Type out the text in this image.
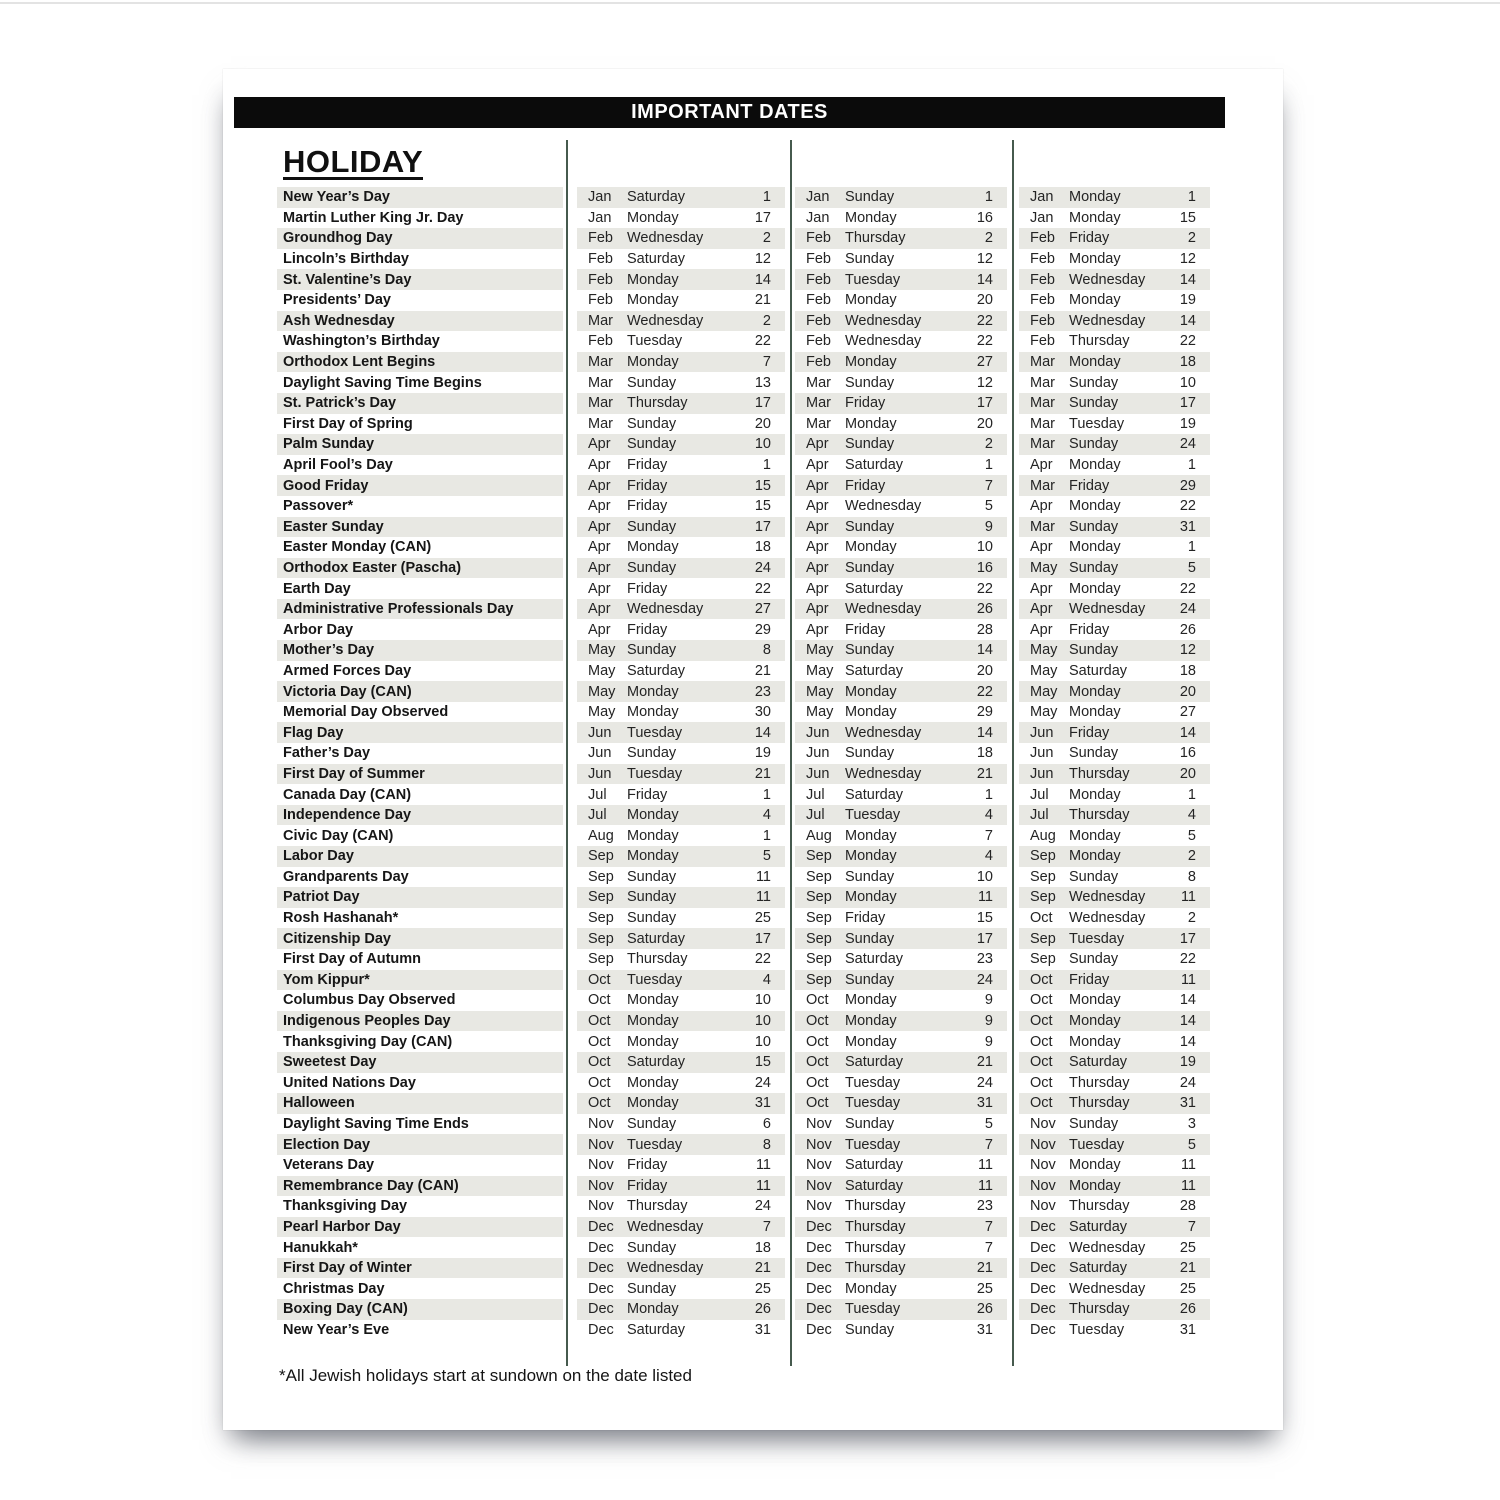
IMPORTANT DATES
HOLIDAY
New Year’s Day	Jan	Saturday	1 Jan	Sunday	1	Jan	Monday	1
Martin Luther King Jr. Day	Jan	Monday	17 Jan	Monday	16	Jan	Monday	15
Groundhog Day	Feb Wednesday	2 Feb Thursday	2	Feb Friday	2
Lincoln’s Birthday	Feb Saturday	12 Feb Sunday	12	Feb Monday	12
St. Valentine’s Day	Feb Monday	14 Feb Tuesday	14	Feb Wednesday	14
Presidents’ Day	Feb Monday	21 Feb Monday	20	Feb Monday	19
Ash Wednesday	Mar Wednesday	2 Feb Wednesday	22	Feb Wednesday	14
Washington’s Birthday	Feb Tuesday	22 Feb Wednesday	22	Feb Thursday	22
Orthodox Lent Begins	Mar Monday	7 Feb Monday	27	Mar Monday	18
Daylight Saving Time Begins	Mar Sunday	13 Mar Sunday	12	Mar Sunday	10
St. Patrick’s Day	Mar Thursday	17 Mar Friday	17	Mar Sunday	17
First Day of Spring	Mar Sunday	20 Mar Monday	20	Mar Tuesday	19
Palm Sunday	Apr	Sunday	10 Apr	Sunday	2	Mar Sunday	24
April Fool’s Day	Apr	Friday	1 Apr	Saturday	1	Apr	Monday	1
Good Friday	Apr	Friday	15 Apr	Friday	7	Mar Friday	29
Passover*	Apr	Friday	15 Apr	Wednesday	5	Apr	Monday	22
Easter Sunday	Apr	Sunday	17 Apr	Sunday	9	Mar Sunday	31
Easter Monday (CAN)	Apr	Monday	18 Apr	Monday	10	Apr	Monday	1
Orthodox Easter (Pascha)	Apr	Sunday	24 Apr	Sunday	16	May Sunday	5
Earth Day	Apr	Friday	22 Apr	Saturday	22	Apr	Monday	22
Administrative Professionals Day	Apr	Wednesday	27 Apr	Wednesday	26	Apr	Wednesday	24
Arbor Day	Apr	Friday	29 Apr	Friday	28	Apr	Friday	26
Mother’s Day	May Sunday	8 May Sunday	14	May Sunday	12
Armed Forces Day	May Saturday	21 May Saturday	20	May Saturday	18
Victoria Day (CAN)	May Monday	23 May Monday	22	May Monday	20
Memorial Day Observed	May Monday	30 May Monday	29	May Monday	27
Flag Day	Jun	Tuesday	14 Jun	Wednesday	14	Jun	Friday	14
Father’s Day	Jun	Sunday	19 Jun	Sunday	18	Jun	Sunday	16
First Day of Summer	Jun	Tuesday	21 Jun	Wednesday	21	Jun	Thursday	20
Canada Day (CAN)	Jul	Friday	1 Jul	Saturday	1	Jul	Monday	1
Independence Day	Jul	Monday	4 Jul	Tuesday	4	Jul	Thursday	4
Civic Day (CAN)	Aug Monday	1 Aug Monday	7	Aug Monday	5
Labor Day	Sep Monday	5 Sep Monday	4	Sep Monday	2
Grandparents Day	Sep Sunday	11 Sep Sunday	10	Sep Sunday	8
Patriot Day	Sep Sunday	11 Sep Monday	11	Sep Wednesday	11
Rosh Hashanah*	Sep Sunday	25 Sep Friday	15	Oct	Wednesday	2
Citizenship Day	Sep Saturday	17 Sep Sunday	17	Sep Tuesday	17
First Day of Autumn	Sep Thursday	22 Sep Saturday	23	Sep Sunday	22
Yom Kippur*	Oct	Tuesday	4 Sep Sunday	24	Oct	Friday	11
Columbus Day Observed	Oct	Monday	10 Oct	Monday	9	Oct	Monday	14
Indigenous Peoples Day	Oct	Monday	10 Oct	Monday	9	Oct	Monday	14
Thanksgiving Day (CAN)	Oct	Monday	10 Oct	Monday	9	Oct	Monday	14
Sweetest Day	Oct	Saturday	15 Oct	Saturday	21	Oct	Saturday	19
United Nations Day	Oct	Monday	24 Oct	Tuesday	24	Oct	Thursday	24
Halloween	Oct	Monday	31 Oct	Tuesday	31	Oct	Thursday	31
Daylight Saving Time Ends	Nov Sunday	6 Nov Sunday	5	Nov Sunday	3
Election Day	Nov Tuesday	8 Nov Tuesday	7	Nov Tuesday	5
Veterans Day	Nov Friday	11 Nov Saturday	11	Nov Monday	11
Remembrance Day (CAN)	Nov Friday	11 Nov Saturday	11	Nov Monday	11
Thanksgiving Day	Nov Thursday	24 Nov Thursday	23	Nov Thursday	28
Pearl Harbor Day	Dec Wednesday	7 Dec Thursday	7	Dec Saturday	7
Hanukkah*	Dec Sunday	18 Dec Thursday	7	Dec Wednesday	25
First Day of Winter	Dec Wednesday	21 Dec Thursday	21	Dec Saturday	21
Christmas Day	Dec Sunday	25 Dec Monday	25	Dec Wednesday	25
Boxing Day (CAN)	Dec Monday	26 Dec Tuesday	26	Dec Thursday	26
New Year’s Eve	Dec Saturday	31 Dec Sunday	31	Dec Tuesday	31
*All Jewish holidays start at sundown on the date listed
